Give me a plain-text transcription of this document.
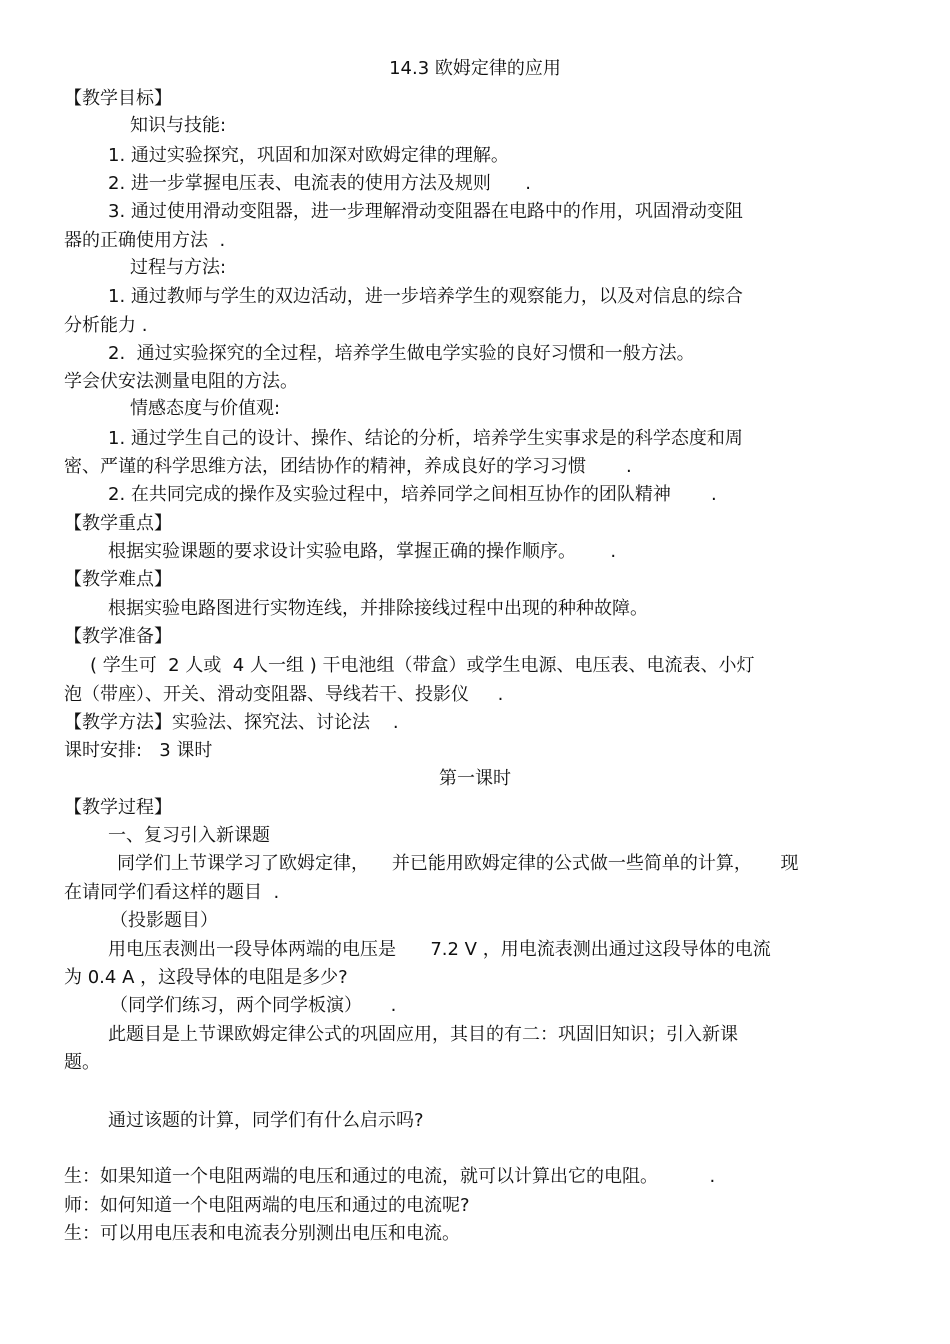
14.3 欧姆定律的应用
【教学目标】
知识与技能:
1. 通过实验探究，巩固和加深对欧姆定律的理解。
2. 进一步掌握电压表、电流表的使用方法及规则      .
3. 通过使用滑动变阻器，进一步理解滑动变阻器在电路中的作用，巩固滑动变阻
器的正确使用方法  .
过程与方法:
1. 通过教师与学生的双边活动，进一步培养学生的观察能力，以及对信息的综合
分析能力 .
2.  通过实验探究的全过程，培养学生做电学实验的良好习惯和一般方法。
学会伏安法测量电阻的方法。
情感态度与价值观:
1. 通过学生自己的设计、操作、结论的分析，培养学生实事求是的科学态度和周
密、严谨的科学思维方法，团结协作的精神，养成良好的学习习惯       .
2. 在共同完成的操作及实验过程中，培养同学之间相互协作的团队精神       .
【教学重点】
根据实验课题的要求设计实验电路，掌握正确的操作顺序。      .
【教学难点】
根据实验电路图进行实物连线，并排除接线过程中出现的种种故障。
【教学准备】
( 学生可  2 人或  4 人一组 ) 干电池组（带盒）或学生电源、电压表、电流表、小灯
泡（带座）、开关、滑动变阻器、导线若干、投影仪     .
【教学方法】实验法、探究法、讨论法    .
课时安排:   3 课时
第一课时
【教学过程】
一、复习引入新课题
同学们上节课学习了欧姆定律，    并已能用欧姆定律的公式做一些简单的计算，     现
在请同学们看这样的题目  .
（投影题目）
用电压表测出一段导体两端的电压是      7.2 V ，用电流表测出通过这段导体的电流
为 0.4 A ，这段导体的电阻是多少?
（同学们练习，两个同学板演）     .
此题目是上节课欧姆定律公式的巩固应用，其目的有二：巩固旧知识；引入新课
题。
通过该题的计算，同学们有什么启示吗?
生：如果知道一个电阻两端的电压和通过的电流，就可以计算出它的电阻。         .
师：如何知道一个电阻两端的电压和通过的电流呢?
生：可以用电压表和电流表分别测出电压和电流。
